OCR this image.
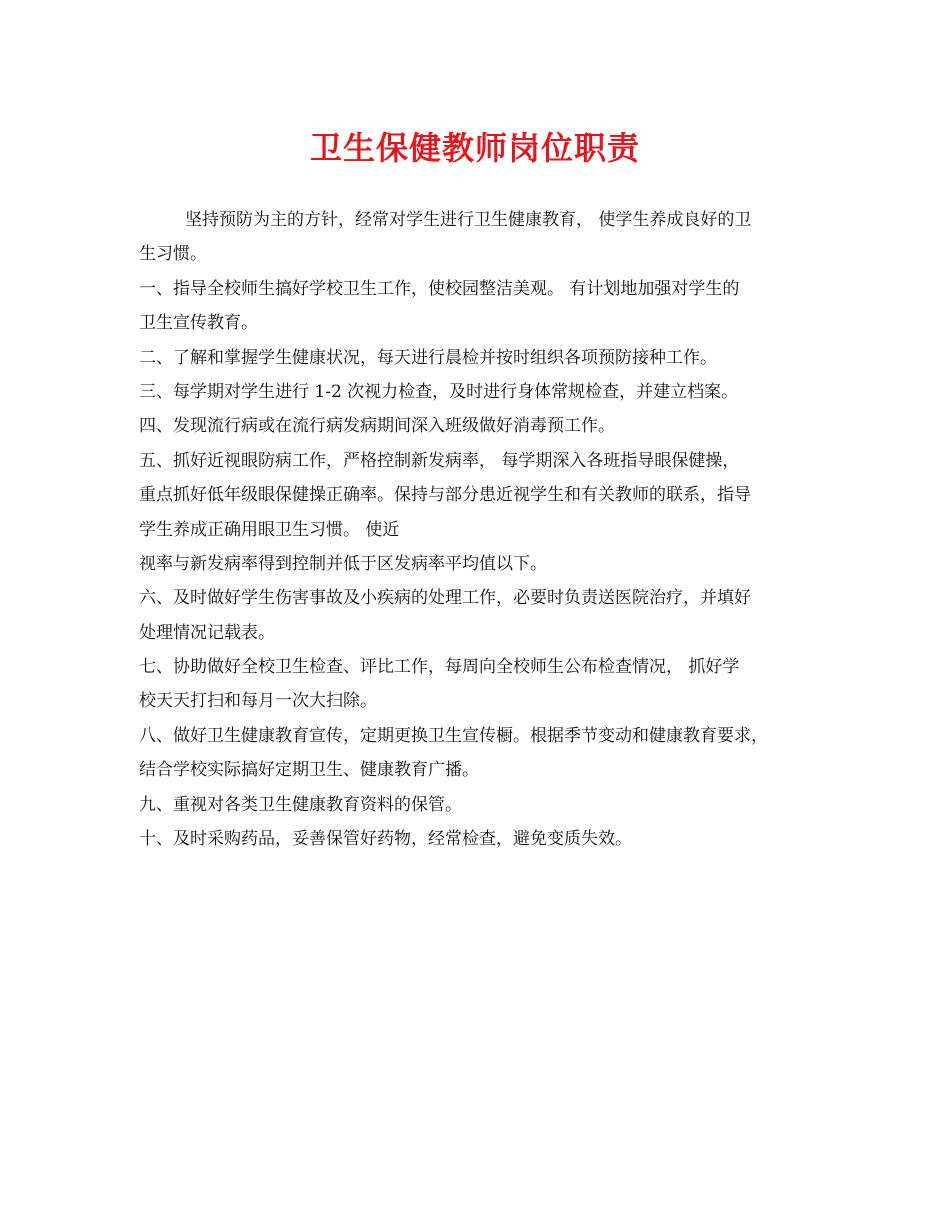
卫生保健教师岗位职责
坚持预防为主的方针，经常对学生进行卫生健康教育， 使学生养成良好的卫
生习惯。
一、指导全校师生搞好学校卫生工作，使校园整洁美观。 有计划地加强对学生的
卫生宣传教育。
二、了解和掌握学生健康状况，每天进行晨检并按时组织各项预防接种工作。
三、每学期对学生进行 1-2 次视力检查，及时进行身体常规检查，并建立档案。
四、发现流行病或在流行病发病期间深入班级做好消毒预工作。
五、抓好近视眼防病工作，严格控制新发病率， 每学期深入各班指导眼保健操，
重点抓好低年级眼保健操正确率。保持与部分患近视学生和有关教师的联系，指导
学生养成正确用眼卫生习惯。 使近
视率与新发病率得到控制并低于区发病率平均值以下。
六、及时做好学生伤害事故及小疾病的处理工作，必要时负责送医院治疗，并填好
处理情况记载表。
七、协助做好全校卫生检查、评比工作，每周向全校师生公布检查情况， 抓好学
校天天打扫和每月一次大扫除。
八、做好卫生健康教育宣传，定期更换卫生宣传橱。根据季节变动和健康教育要求，
结合学校实际搞好定期卫生、健康教育广播。
九、重视对各类卫生健康教育资料的保管。
十、及时采购药品，妥善保管好药物，经常检查，避免变质失效。
